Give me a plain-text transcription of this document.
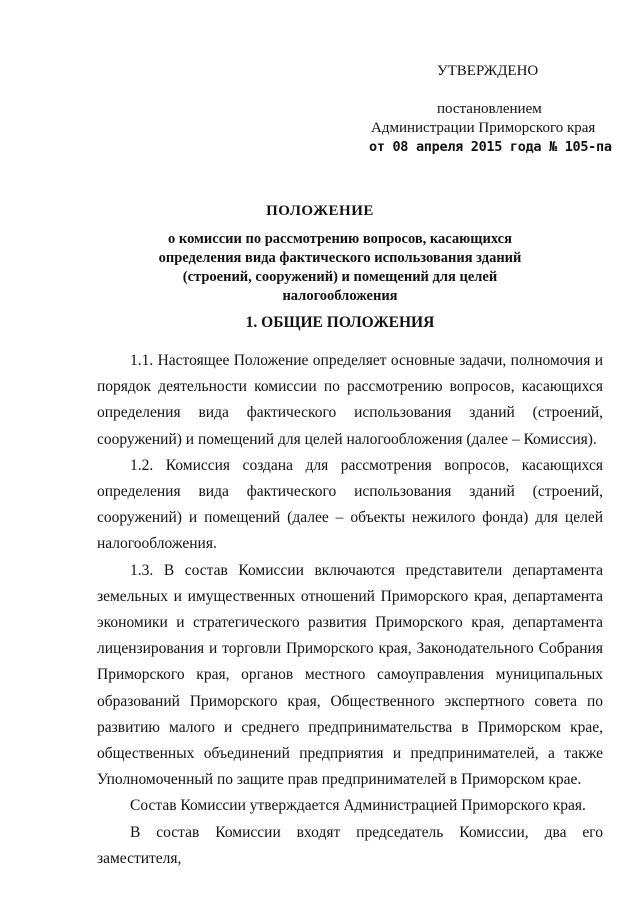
УТВЕРЖДЕНО
постановлением
Администрации Приморского края
от 08 апреля 2015 года № 105-па
ПОЛОЖЕНИЕ
о комиссии по рассмотрению вопросов, касающихся определения вида фактического использования зданий (строений, сооружений) и помещений для целей налогообложения
1. ОБЩИЕ ПОЛОЖЕНИЯ

1.1. Настоящее Положение определяет основные задачи, полномочия и порядок деятельности комиссии по рассмотрению вопросов, касающихся определения вида фактического использования зданий (строений, сооружений) и помещений для целей налогообложения (далее – Комиссия).

1.2. Комиссия создана для рассмотрения вопросов, касающихся определения вида фактического использования зданий (строений, сооружений) и помещений (далее – объекты нежилого фонда) для целей налогообложения.

1.3. В состав Комиссии включаются представители департамента земельных и имущественных отношений Приморского края, департамента экономики и стратегического развития Приморского края, департамента лицензирования и торговли Приморского края, Законодательного Собрания Приморского края, органов местного самоуправления муниципальных образований Приморского края, Общественного экспертного совета по развитию малого и среднего предпринимательства в Приморском крае, общественных объединений предприятия и предпринимателей, а также Уполномоченный по защите прав предпринимателей в Приморском крае.

Состав Комиссии утверждается Администрацией Приморского края.

В состав Комиссии входят председатель Комиссии, два его заместителя,
